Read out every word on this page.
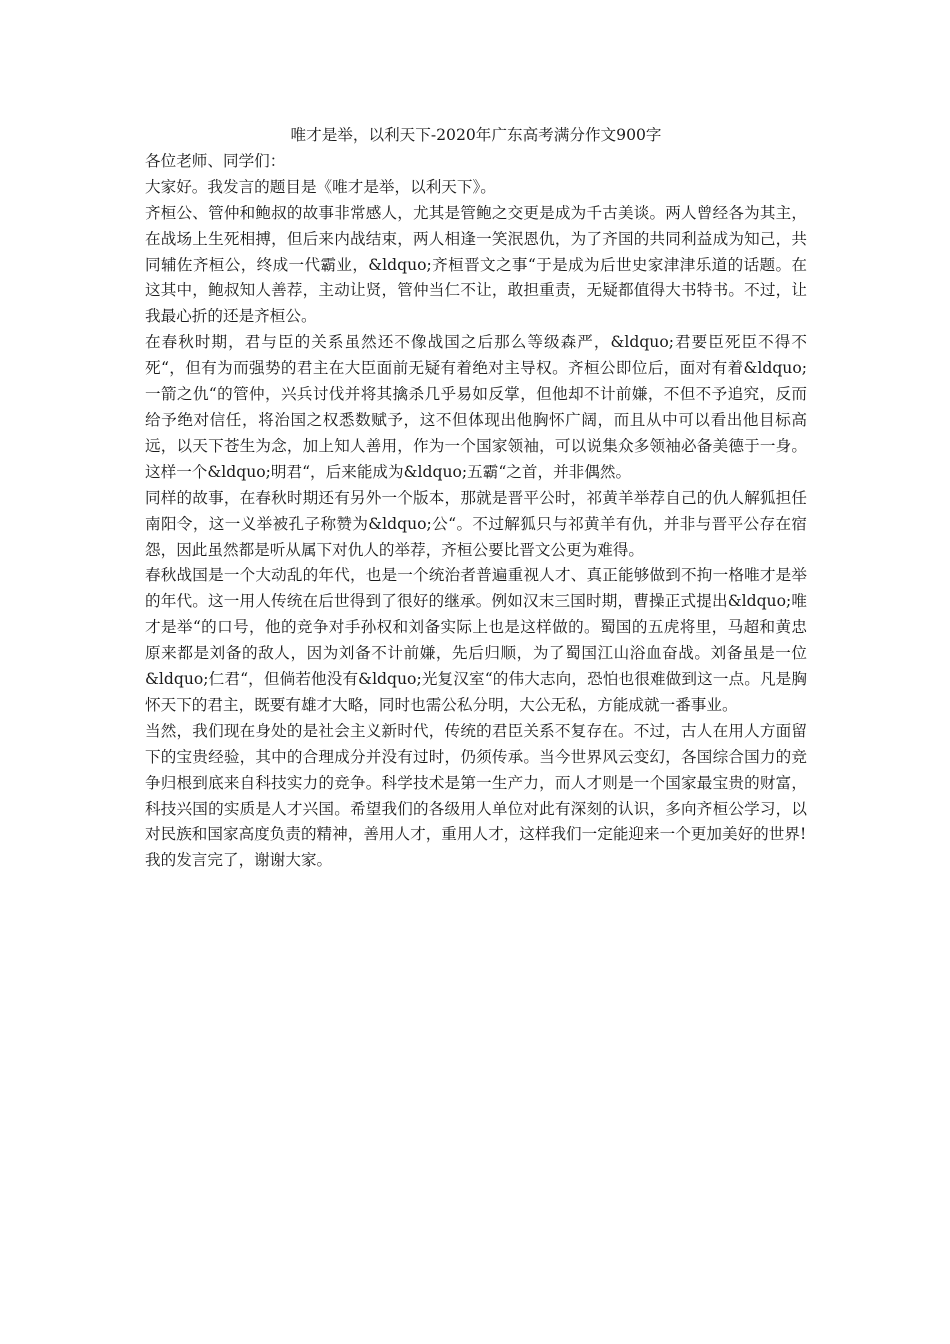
唯才是举，以利天下-2020年广东高考满分作文900字

各位老师、同学们：

大家好。我发言的题目是《唯才是举，以利天下》。

齐桓公、管仲和鲍叔的故事非常感人，尤其是管鲍之交更是成为千古美谈。两人曾经各为其主，在战场上生死相搏，但后来内战结束，两人相逢一笑泯恩仇，为了齐国的共同利益成为知己，共同辅佐齐桓公，终成一代霸业，&ldquo;齐桓晋文之事“于是成为后世史家津津乐道的话题。在这其中，鲍叔知人善荐，主动让贤，管仲当仁不让，敢担重责，无疑都值得大书特书。不过，让我最心折的还是齐桓公。

在春秋时期，君与臣的关系虽然还不像战国之后那么等级森严，&ldquo;君要臣死臣不得不死“，但有为而强势的君主在大臣面前无疑有着绝对主导权。齐桓公即位后，面对有着&ldquo;一箭之仇“的管仲，兴兵讨伐并将其擒杀几乎易如反掌，但他却不计前嫌，不但不予追究，反而给予绝对信任，将治国之权悉数赋予，这不但体现出他胸怀广阔，而且从中可以看出他目标高远，以天下苍生为念，加上知人善用，作为一个国家领袖，可以说集众多领袖必备美德于一身。这样一个&ldquo;明君“，后来能成为&ldquo;五霸“之首，并非偶然。

同样的故事，在春秋时期还有另外一个版本，那就是晋平公时，祁黄羊举荐自己的仇人解狐担任南阳令，这一义举被孔子称赞为&ldquo;公“。不过解狐只与祁黄羊有仇，并非与晋平公存在宿怨，因此虽然都是听从属下对仇人的举荐，齐桓公要比晋文公更为难得。

春秋战国是一个大动乱的年代，也是一个统治者普遍重视人才、真正能够做到不拘一格唯才是举的年代。这一用人传统在后世得到了很好的继承。例如汉末三国时期，曹操正式提出&ldquo;唯才是举“的口号，他的竞争对手孙权和刘备实际上也是这样做的。蜀国的五虎将里，马超和黄忠原来都是刘备的敌人，因为刘备不计前嫌，先后归顺，为了蜀国江山浴血奋战。刘备虽是一位&ldquo;仁君“，但倘若他没有&ldquo;光复汉室“的伟大志向，恐怕也很难做到这一点。凡是胸怀天下的君主，既要有雄才大略，同时也需公私分明，大公无私，方能成就一番事业。

当然，我们现在身处的是社会主义新时代，传统的君臣关系不复存在。不过，古人在用人方面留下的宝贵经验，其中的合理成分并没有过时，仍须传承。当今世界风云变幻，各国综合国力的竞争归根到底来自科技实力的竞争。科学技术是第一生产力，而人才则是一个国家最宝贵的财富，科技兴国的实质是人才兴国。希望我们的各级用人单位对此有深刻的认识，多向齐桓公学习，以对民族和国家高度负责的精神，善用人才，重用人才，这样我们一定能迎来一个更加美好的世界!

我的发言完了，谢谢大家。
